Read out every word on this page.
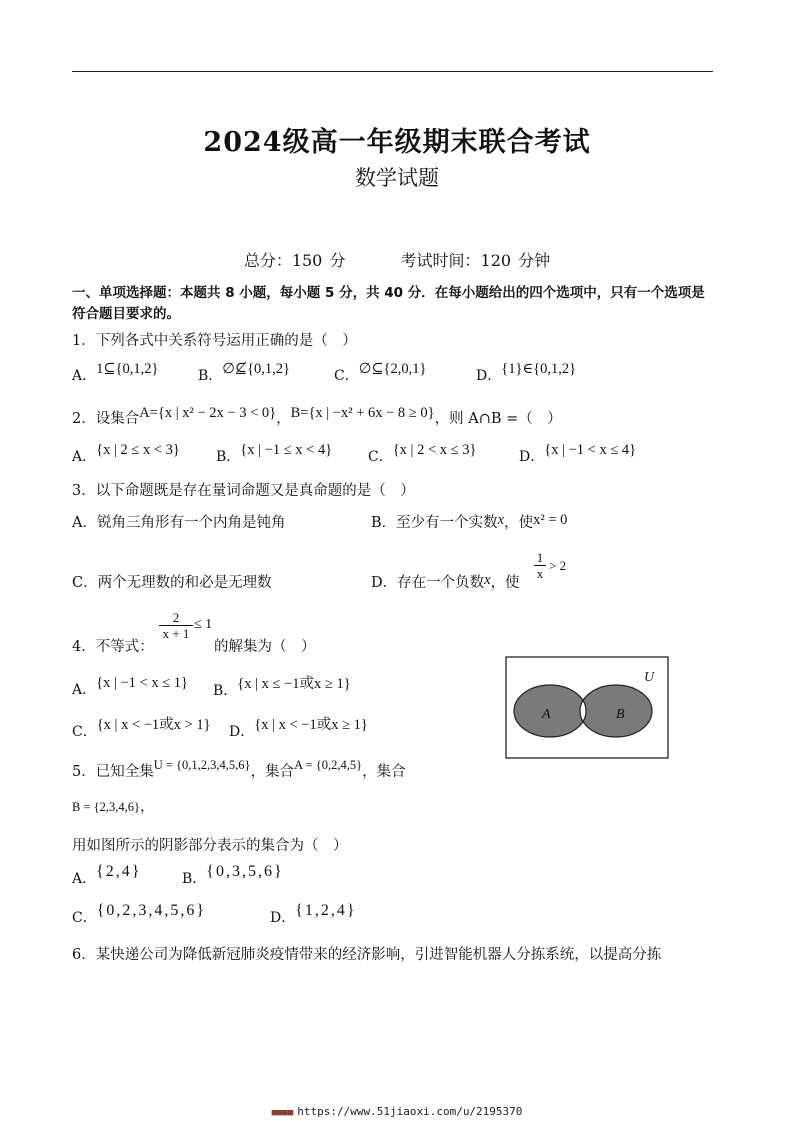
2024级高一年级期末联合考试
数学试题
总分：150 分	考试时间：120 分钟
一、单项选择题：本题共 8 小题，每小题 5 分，共 40 分．在每小题给出的四个选项中，只有一个选项是符合题目要求的。
1．下列各式中关系符号运用正确的是（　）
A．1⊆{0,1,2}	B．∅⊈{0,1,2}	C．∅⊆{2,0,1}	D．{1}∈{0,1,2}
2．设集合A={x | x² − 2x − 3 < 0}，B={x | −x² + 6x − 8 ≥ 0}，则 A∩B =（　）
A．{x | 2 ≤ x < 3}	B．{x | −1 ≤ x < 4}	C．{x | 2 < x ≤ 3}	D．{x | −1 < x ≤ 4}
3．以下命题既是存在量词命题又是真命题的是（　）
A．锐角三角形有一个内角是钝角	B．至少有一个实数x，使x² = 0
C．两个无理数的和必是无理数	D．存在一个负数x，使
$\frac{1}{x} > 2$
4．不等式：
$\frac{2}{x + 1} \le 1$
的解集为（　）
A．{x | −1 < x ≤ 1} B．{x | x ≤ −1或x ≥ 1}
C．{x | x < −1或x > 1} D．{x | x < −1或x ≥ 1}
U
A	B
5．已知全集U = {0,1,2,3,4,5,6}，集合A = {0,2,4,5}，集合
B = {2,3,4,6}，
用如图所示的阴影部分表示的集合为（　）
A．{2,4}	B．{0,3,5,6}
C．{0,2,3,4,5,6}	D．{1,2,4}
6．某快递公司为降低新冠肺炎疫情带来的经济影响，引进智能机器人分拣系统，以提高分拣
■■■■ https://www.51jiaoxi.com/u/2195370
